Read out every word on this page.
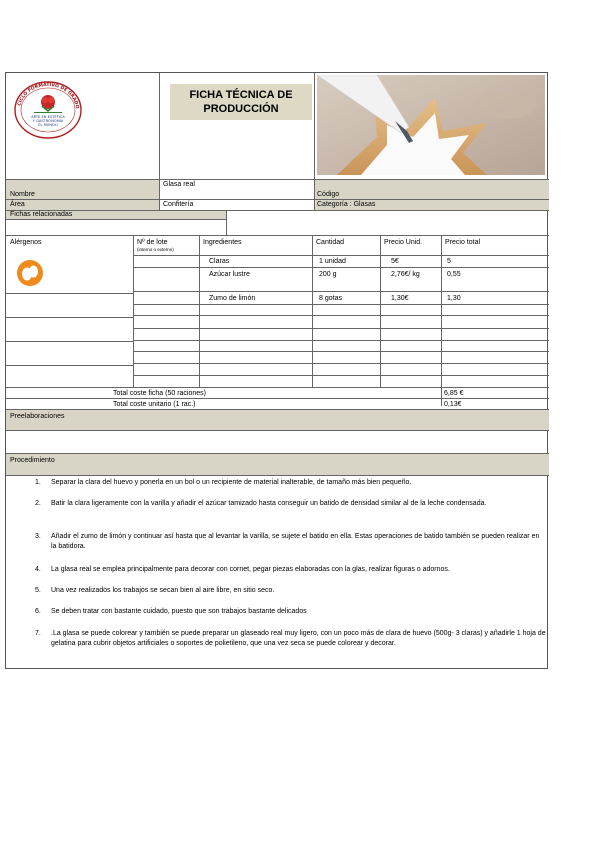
CICLO FORMATIVO DE GRADO
ARTE EN ESTÉTICA
Y GASTRONOMÍA
EL MUNDO
FICHA TÉCNICA DE
PRODUCCIÓN
Nombre
Glasa real
Código
Área	Confitería	Categoría : Glasas
Fichas relacionadas
Alérgenos	Nº de lote
(interno o externo)
Ingredientes	Cantidad	Precio Unid.	Precio total
Claras	1 unidad	5€	5
Azúcar lustre	200 g	2,76€/ kg	0,55
Zumo de limón	8 gotas	1,30€	1,30
Total coste ficha (50 raciones)	6,85 €
Total coste unitario (1 rac.)	0,13€
Preelaboraciones
Procedimiento
1.	Separar la clara del huevo y ponerla en un bol o un recipiente de material inalterable, de tamaño más bien pequeño.
2.	Batir la clara ligeramente con la varilla y añadir el azúcar tamizado hasta conseguir un batido de densidad similar al de la leche condensada.
3.	Añadir el zumo de limón y continuar así hasta que al levantar la varilla, se sujete el batido en ella. Estas operaciones de batido también se pueden realizar en la batidora.
4.	La glasa real se emplea principalmente para decorar con cornet, pegar piezas elaboradas con la glas, realizar figuras o adornos.
5.	Una vez realizados los trabajos se secan bien al aire libre, en sitio seco.
6.	Se deben tratar con bastante cuidado, puesto que son trabajos bastante delicados
7.	.La glasa se puede colorear y también se puede preparar un glaseado real muy ligero, con un poco más de clara de huevo (500g- 3 claras) y añadirle 1 hoja de gelatina para cubrir objetos artificiales o soportes de polietileno, que una vez seca se puede colorear y decorar.
